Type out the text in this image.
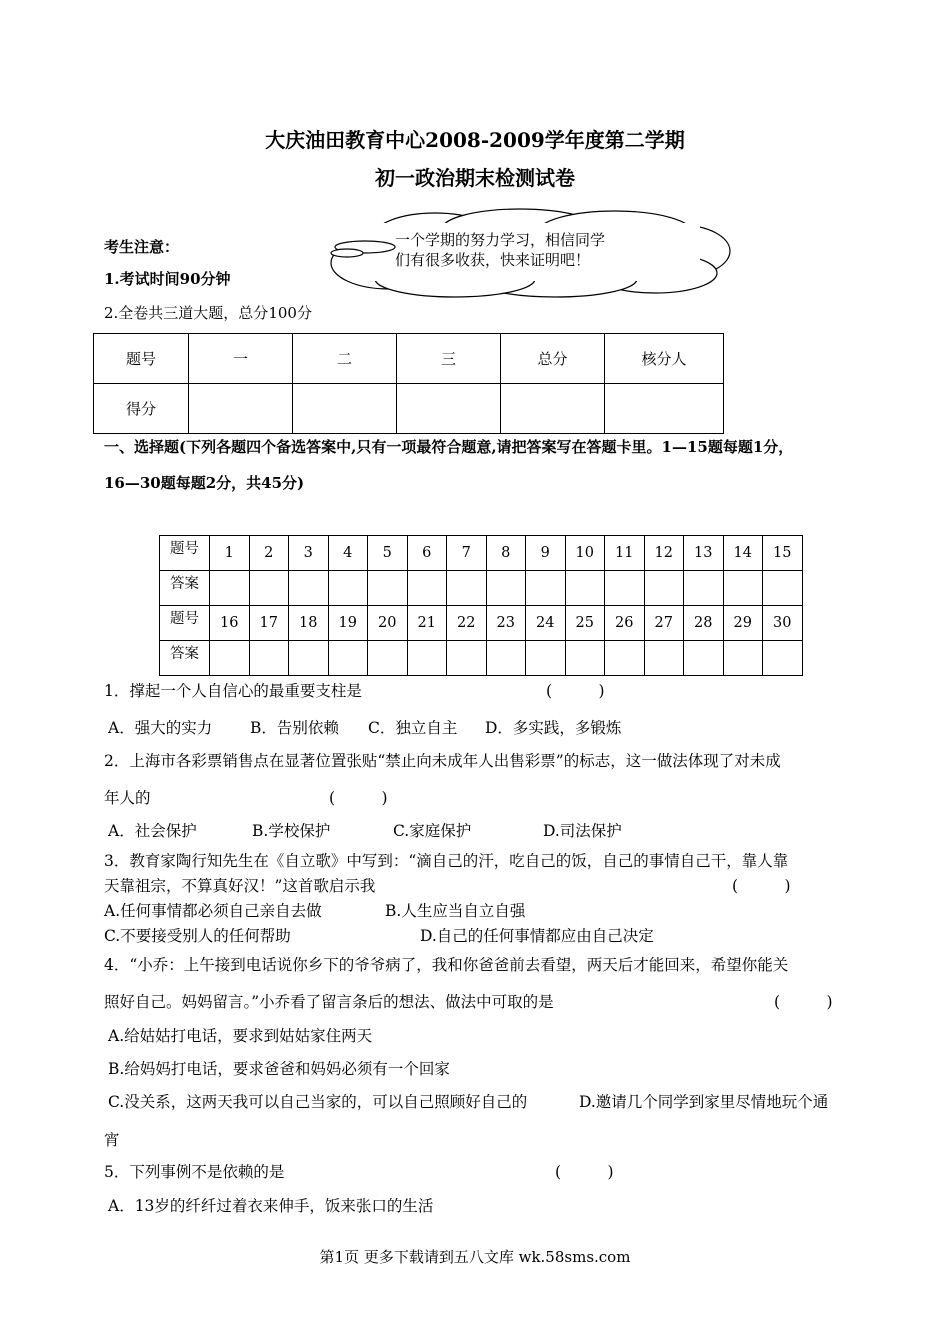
大庆油田教育中心2008-2009学年度第二学期
初一政治期末检测试卷
一个学期的努力学习，相信同学
们有很多收获，快来证明吧！
考生注意：
1.考试时间90分钟
2.全卷共三道大题，总分100分
题号	一	二	三	总分	核分人
得分					
一、选择题(下列各题四个备选答案中,只有一项最符合题意,请把答案写在答题卡里。1—15题每题1分，
16—30题每题2分，共45分)
题号	1	2	3	4	5	6	7	8	9	10	11	12	13	14	15
答案															
题号	16	17	18	19	20	21	22	23	24	25	26	27	28	29	30
答案															
1．撑起一个人自信心的最重要支柱是	(　　　)
A．强大的实力 B．告别依赖 C．独立自主 D．多实践，多锻炼
2．上海市各彩票销售点在显著位置张贴“禁止向未成年人出售彩票”的标志，这一做法体现了对未成
年人的	(　　　)
A．社会保护	B.学校保护	C.家庭保护	D.司法保护
3．教育家陶行知先生在《自立歌》中写到：“滴自己的汗，吃自己的饭，自己的事情自己干，靠人靠
天靠祖宗，不算真好汉！”这首歌启示我	(　　　)
A.任何事情都必须自己亲自去做	B.人生应当自立自强
C.不要接受别人的任何帮助	D.自己的任何事情都应由自己决定
4．“小乔：上午接到电话说你乡下的爷爷病了，我和你爸爸前去看望，两天后才能回来，希望你能关
照好自己。妈妈留言。”小乔看了留言条后的想法、做法中可取的是	(　　　)
A.给姑姑打电话，要求到姑姑家住两天
B.给妈妈打电话，要求爸爸和妈妈必须有一个回家
C.没关系，这两天我可以自己当家的，可以自己照顾好自己的	D.邀请几个同学到家里尽情地玩个通
宵
5．下列事例不是依赖的是	(　　　)
A．13岁的纤纤过着衣来伸手，饭来张口的生活
第1页 更多下载请到五八文库 wk.58sms.com
